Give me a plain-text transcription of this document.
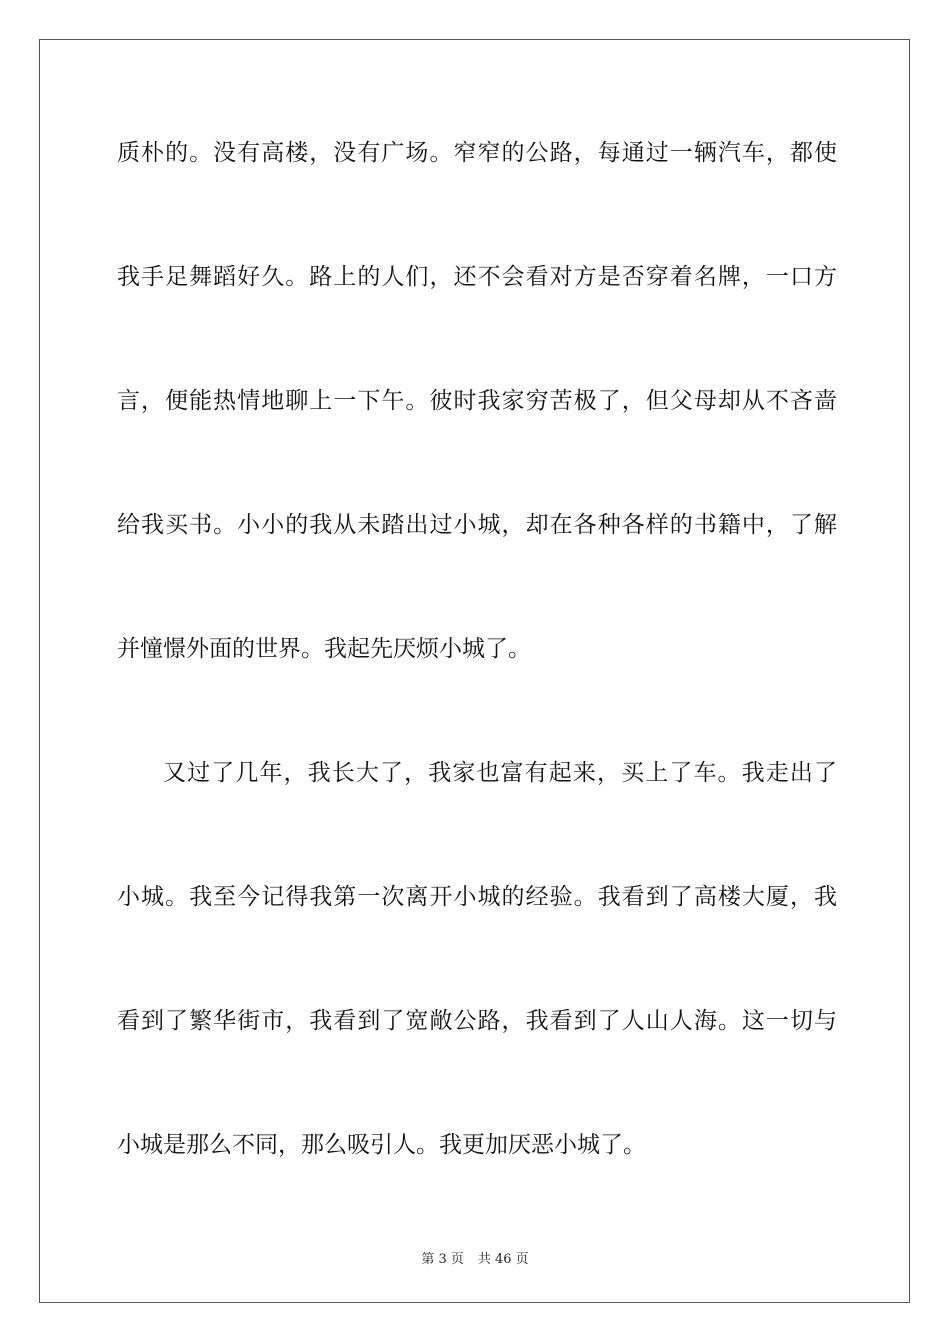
质朴的。没有高楼，没有广场。窄窄的公路，每通过一辆汽车，都使
我手足舞蹈好久。路上的人们，还不会看对方是否穿着名牌，一口方
言，便能热情地聊上一下午。彼时我家穷苦极了，但父母却从不吝啬
给我买书。小小的我从未踏出过小城，却在各种各样的书籍中，了解
并憧憬外面的世界。我起先厌烦小城了。
又过了几年，我长大了，我家也富有起来，买上了车。我走出了
小城。我至今记得我第一次离开小城的经验。我看到了高楼大厦，我
看到了繁华街市，我看到了宽敞公路，我看到了人山人海。这一切与
小城是那么不同，那么吸引人。我更加厌恶小城了。
第 3 页 共 46 页
